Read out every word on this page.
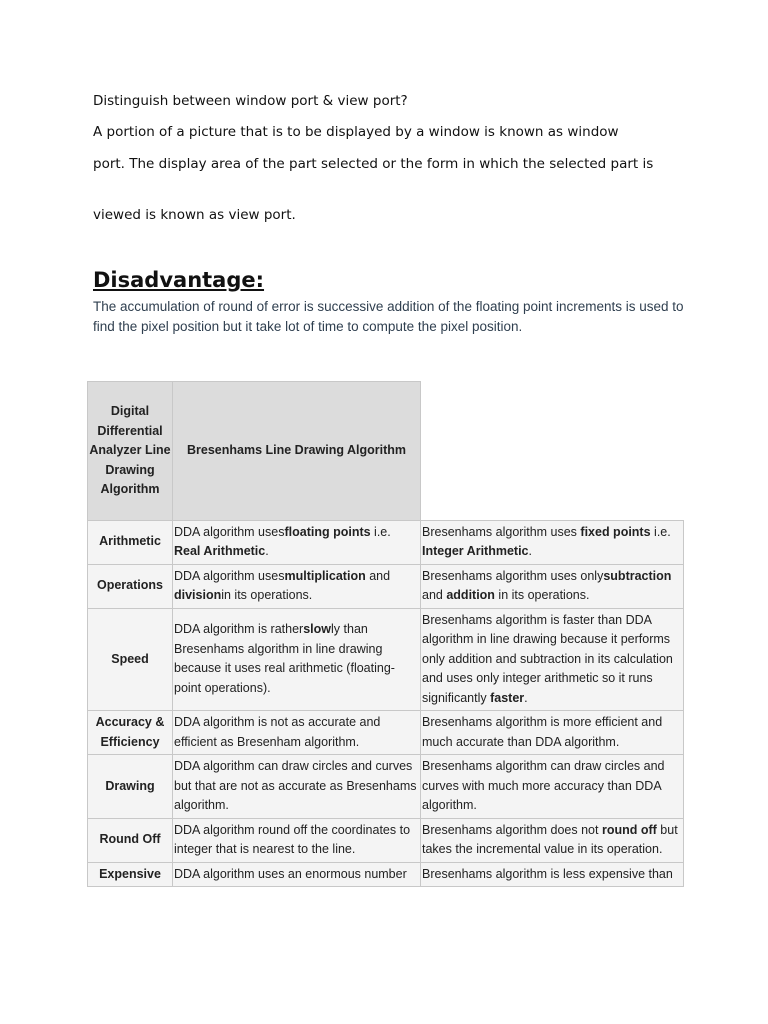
Distinguish between window port & view port?

A portion of a picture that is to be displayed by a window is known as window

port. The display area of the part selected or the form in which the selected part is

viewed is known as view port.

Disadvantage:

The accumulation of round of error is successive addition of the floating point increments is used to find the pixel position but it take lot of time to compute the pixel position.

Digital Differential Analyzer Line Drawing Algorithm	Bresenhams Line Drawing Algorithm	
Arithmetic	DDA algorithm usesfloating points i.e. Real Arithmetic.	Bresenhams algorithm uses fixed points i.e. Integer Arithmetic.
Operations	DDA algorithm usesmultiplication and divisionin its operations.	Bresenhams algorithm uses onlysubtraction and addition in its operations.
Speed	DDA algorithm is ratherslowly than Bresenhams algorithm in line drawing because it uses real arithmetic (floating-point operations).	Bresenhams algorithm is faster than DDA algorithm in line drawing because it performs only addition and subtraction in its calculation and uses only integer arithmetic so it runs significantly faster.
Accuracy & Efficiency	DDA algorithm is not as accurate and efficient as Bresenham algorithm.	Bresenhams algorithm is more efficient and much accurate than DDA algorithm.
Drawing	DDA algorithm can draw circles and curves but that are not as accurate as Bresenhams algorithm.	Bresenhams algorithm can draw circles and curves with much more accuracy than DDA algorithm.
Round Off	DDA algorithm round off the coordinates to integer that is nearest to the line.	Bresenhams algorithm does not round off but takes the incremental value in its operation.
Expensive	DDA algorithm uses an enormous number	Bresenhams algorithm is less expensive than
